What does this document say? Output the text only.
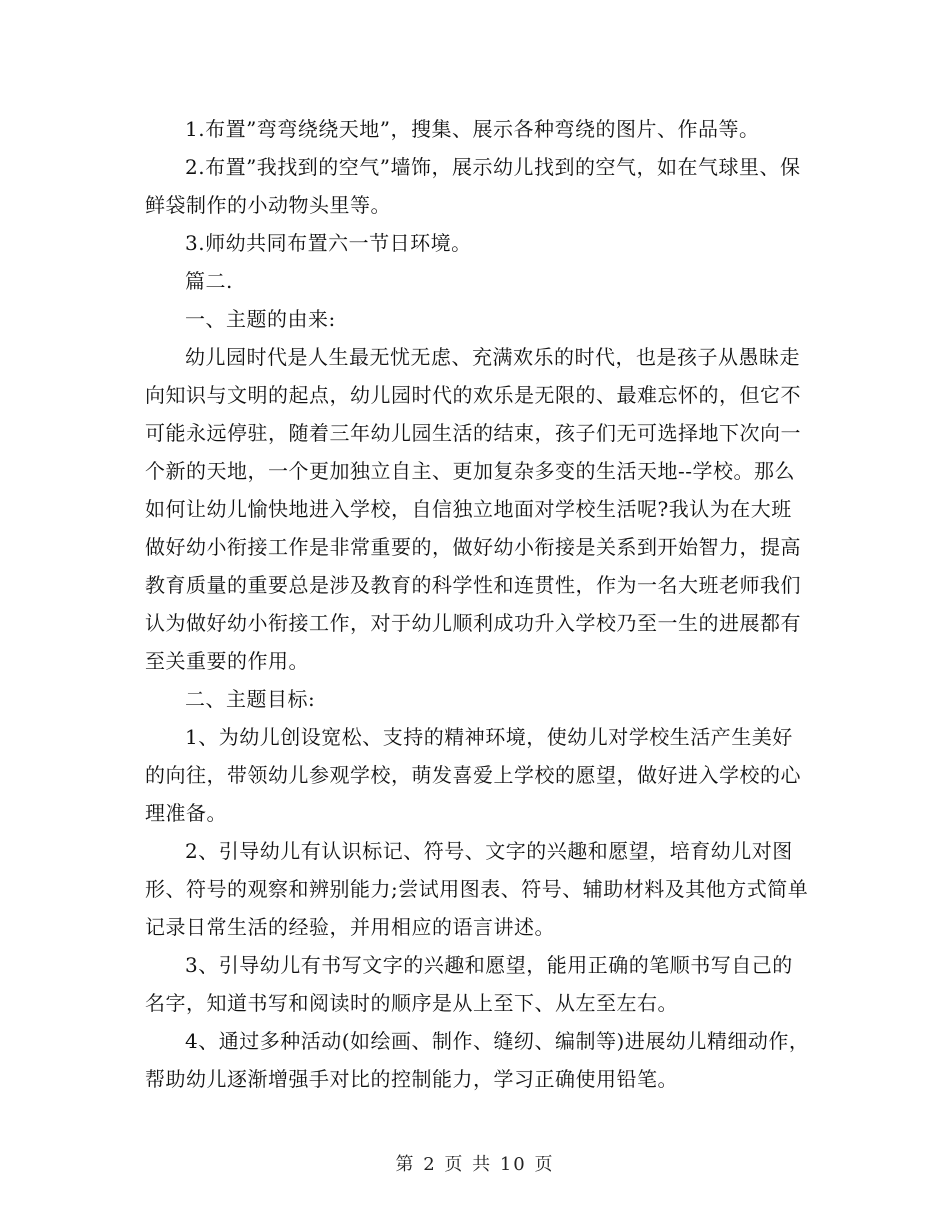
1.布置”弯弯绕绕天地”，搜集、展示各种弯绕的图片、作品等。

2.布置”我找到的空气”墙饰，展示幼儿找到的空气，如在气球里、保鲜袋制作的小动物头里等。

3.师幼共同布置六一节日环境。

篇二.

一、主题的由来:

幼儿园时代是人生最无忧无虑、充满欢乐的时代，也是孩子从愚昧走向知识与文明的起点，幼儿园时代的欢乐是无限的、最难忘怀的，但它不可能永远停驻，随着三年幼儿园生活的结束，孩子们无可选择地下次向一个新的天地，一个更加独立自主、更加复杂多变的生活天地--学校。那么如何让幼儿愉快地进入学校，自信独立地面对学校生活呢?我认为在大班做好幼小衔接工作是非常重要的，做好幼小衔接是关系到开始智力，提高教育质量的重要总是涉及教育的科学性和连贯性，作为一名大班老师我们认为做好幼小衔接工作，对于幼儿顺利成功升入学校乃至一生的进展都有至关重要的作用。

二、主题目标:

1、为幼儿创设宽松、支持的精神环境，使幼儿对学校生活产生美好的向往，带领幼儿参观学校，萌发喜爱上学校的愿望，做好进入学校的心理准备。

2、引导幼儿有认识标记、符号、文字的兴趣和愿望，培育幼儿对图形、符号的观察和辨别能力;尝试用图表、符号、辅助材料及其他方式简单记录日常生活的经验，并用相应的语言讲述。

3、引导幼儿有书写文字的兴趣和愿望，能用正确的笔顺书写自己的名字，知道书写和阅读时的顺序是从上至下、从左至左右。

4、通过多种活动(如绘画、制作、缝纫、编制等)进展幼儿精细动作，帮助幼儿逐渐增强手对比的控制能力，学习正确使用铅笔。

第 2 页 共 10 页
